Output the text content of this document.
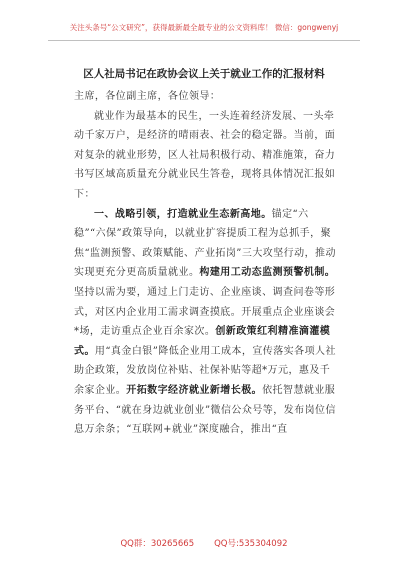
关注头条号“公文研究”，获得最新最全最专业的公文资料库！ 微信：gongwenyj
区人社局书记在政协会议上关于就业工作的汇报材料

主席，各位副主席，各位领导：

就业作为最基本的民生，一头连着经济发展、一头牵动千家万户，是经济的晴雨表、社会的稳定器。当前，面对复杂的就业形势，区人社局积极行动、精准施策，奋力书写区域高质量充分就业民生答卷，现将具体情况汇报如下：

一、战略引领，打造就业生态新高地。锚定“六稳”“六保”政策导向，以就业扩容提质工程为总抓手，聚焦“监测预警、政策赋能、产业拓岗”三大攻坚行动，推动实现更充分更高质量就业。构建用工动态监测预警机制。坚持以需为要，通过上门走访、企业座谈、调查问卷等形式，对区内企业用工需求调查摸底。开展重点企业座谈会*场，走访重点企业百余家次。创新政策红利精准滴灌模式。用“真金白银”降低企业用工成本，宣传落实各项人社助企政策，发放岗位补贴、社保补贴等超*万元，惠及千余家企业。开拓数字经济就业新增长极。依托智慧就业服务平台、“就在身边就业创业”微信公众号等，发布岗位信息万余条；“互联网+就业”深度融合，推出“直

QQ群：30265665 QQ号:535304092
